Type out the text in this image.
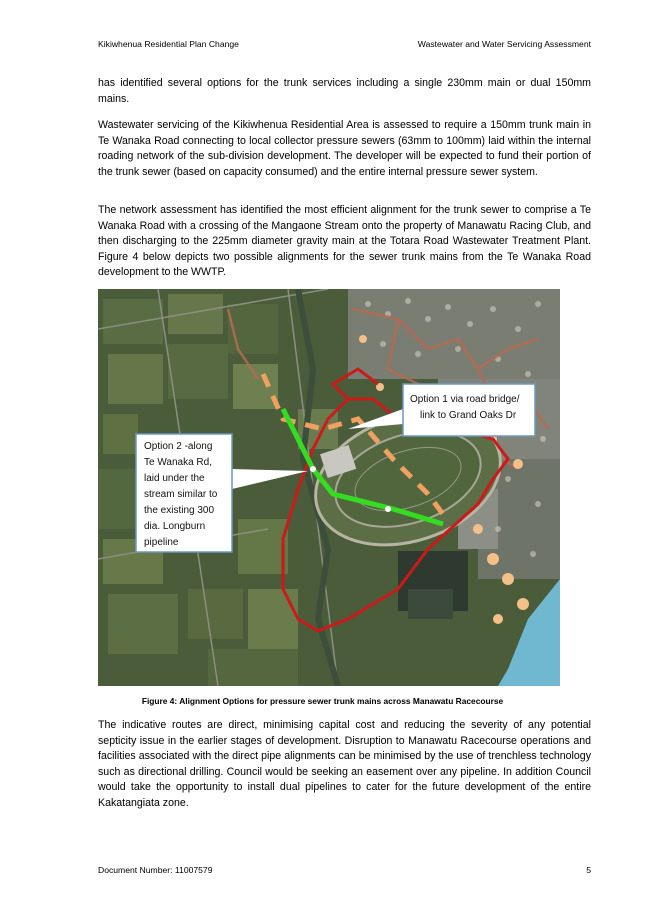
Kikiwhenua Residential Plan Change	Wastewater and Water Servicing Assessment

has identified several options for the trunk services including a single 230mm main or dual 150mm mains.

Wastewater servicing of the Kikiwhenua Residential Area is assessed to require a 150mm trunk main in Te Wanaka Road connecting to local collector pressure sewers (63mm to 100mm) laid within the internal roading network of the sub-division development. The developer will be expected to fund their portion of the trunk sewer (based on capacity consumed) and the entire internal pressure sewer system.

The network assessment has identified the most efficient alignment for the trunk sewer to comprise a Te Wanaka Road with a crossing of the Mangaone Stream onto the property of Manawatu Racing Club, and then discharging to the 225mm diameter gravity main at the Totara Road Wastewater Treatment Plant. Figure 4 below depicts two possible alignments for the sewer trunk mains from the Te Wanaka Road development to the WWTP.

Option 1 via road bridge/
link to Grand Oaks Dr
Option 2 -along
Te Wanaka Rd,
laid under the
stream similar to
the existing 300
dia. Longburn
pipeline
Figure 4: Alignment Options for pressure sewer trunk mains across Manawatu Racecourse

The indicative routes are direct, minimising capital cost and reducing the severity of any potential septicity issue in the earlier stages of development. Disruption to Manawatu Racecourse operations and facilities associated with the direct pipe alignments can be minimised by the use of trenchless technology such as directional drilling. Council would be seeking an easement over any pipeline. In addition Council would take the opportunity to install dual pipelines to cater for the future development of the entire Kakatangiata zone.

Document Number: 11007579	5
